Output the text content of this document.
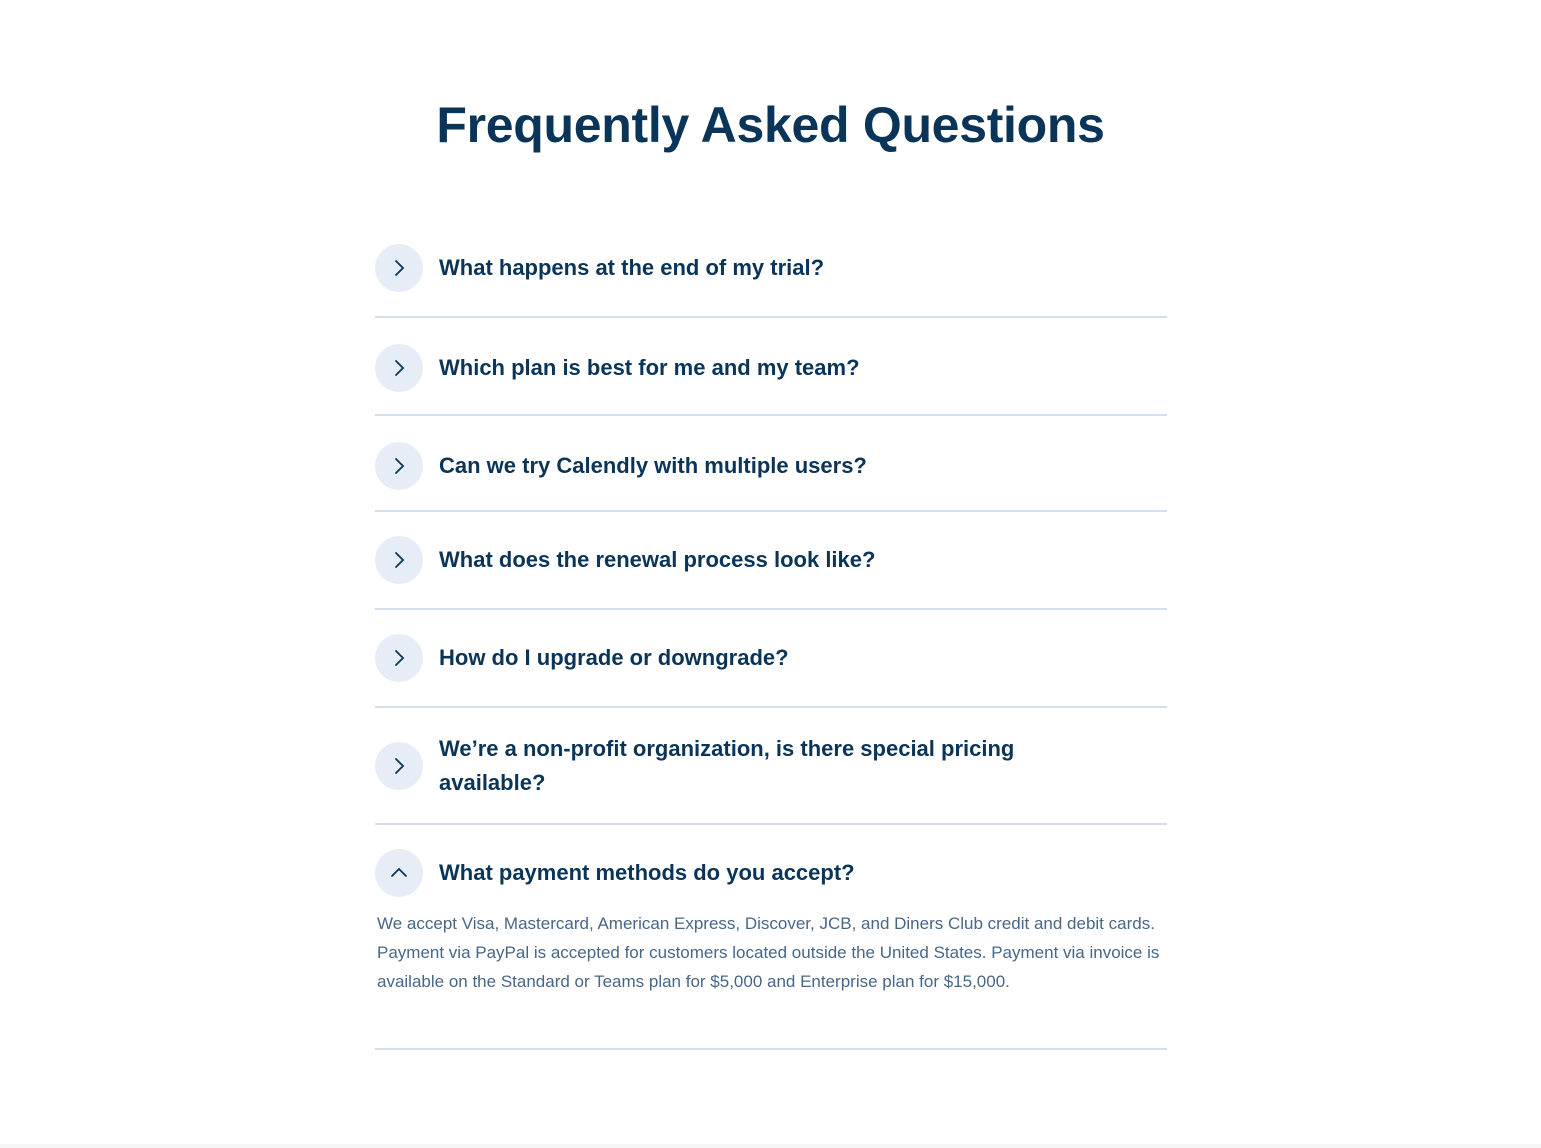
Frequently Asked Questions
What happens at the end of my trial?
Which plan is best for me and my team?
Can we try Calendly with multiple users?
What does the renewal process look like?
How do I upgrade or downgrade?
We’re a non-profit organization, is there special pricing available?
What payment methods do you accept?
We accept Visa, Mastercard, American Express, Discover, JCB, and Diners Club credit and debit cards. Payment via PayPal is accepted for customers located outside the United States. Payment via invoice is available on the Standard or Teams plan for $5,000 and Enterprise plan for $15,000.
